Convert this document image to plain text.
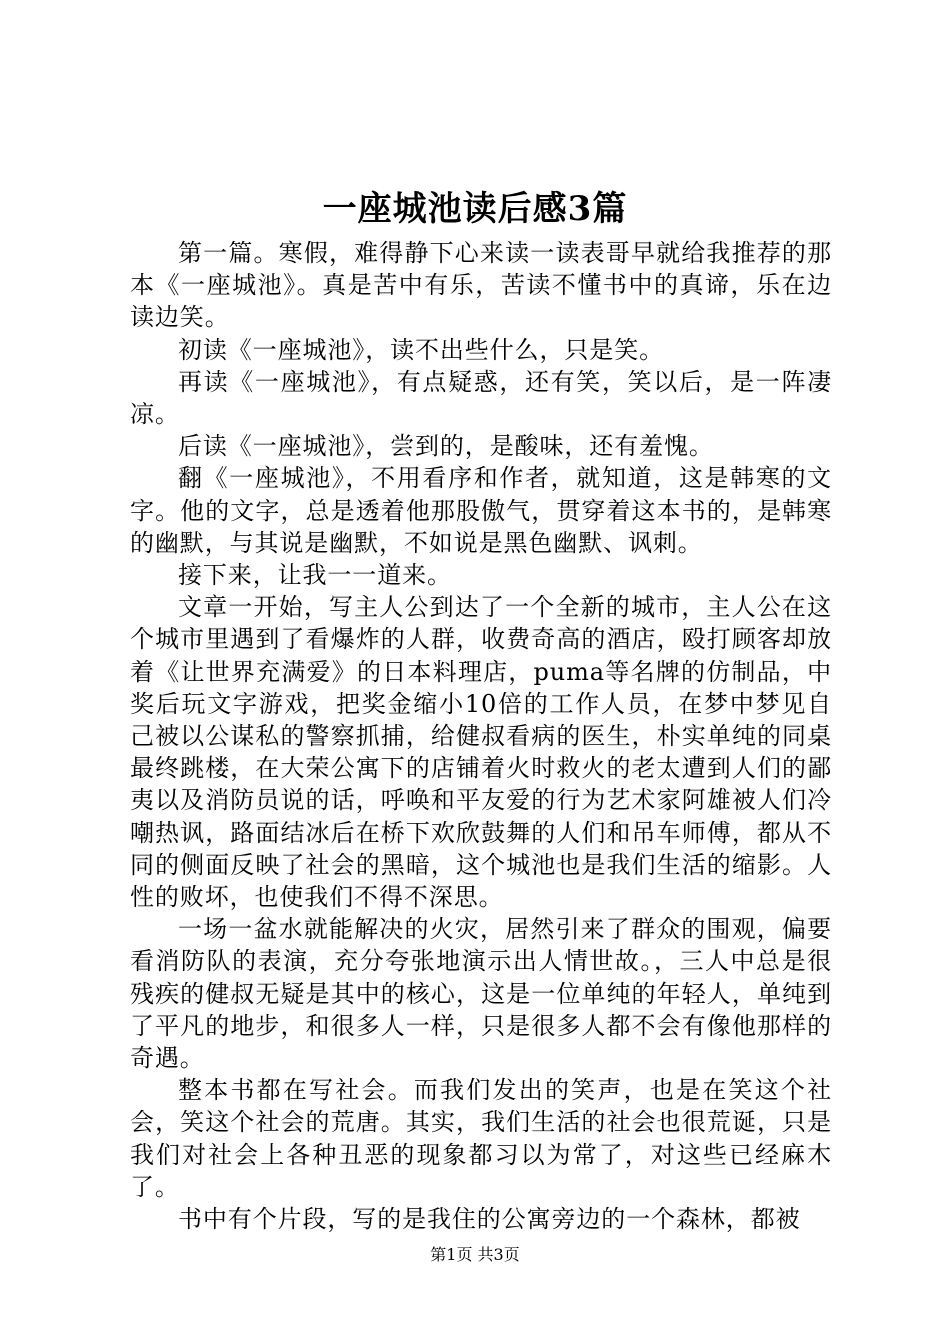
一座城池读后感3篇

第一篇。寒假，难得静下心来读一读表哥早就给我推荐的那本《一座城池》。真是苦中有乐，苦读不懂书中的真谛，乐在边读边笑。

初读《一座城池》，读不出些什么，只是笑。

再读《一座城池》，有点疑惑，还有笑，笑以后，是一阵凄凉。

后读《一座城池》，尝到的，是酸味，还有羞愧。

翻《一座城池》，不用看序和作者，就知道，这是韩寒的文字。他的文字，总是透着他那股傲气，贯穿着这本书的，是韩寒的幽默，与其说是幽默，不如说是黑色幽默、讽刺。

接下来，让我一一道来。

文章一开始，写主人公到达了一个全新的城市，主人公在这个城市里遇到了看爆炸的人群，收费奇高的酒店，殴打顾客却放着《让世界充满爱》的日本料理店，puma等名牌的仿制品，中奖后玩文字游戏，把奖金缩小10倍的工作人员，在梦中梦见自己被以公谋私的警察抓捕，给健叔看病的医生，朴实单纯的同桌最终跳楼，在大荣公寓下的店铺着火时救火的老太遭到人们的鄙夷以及消防员说的话，呼唤和平友爱的行为艺术家阿雄被人们冷嘲热讽，路面结冰后在桥下欢欣鼓舞的人们和吊车师傅，都从不同的侧面反映了社会的黑暗，这个城池也是我们生活的缩影。人性的败坏，也使我们不得不深思。

一场一盆水就能解决的火灾，居然引来了群众的围观，偏要看消防队的表演，充分夸张地演示出人情世故。，三人中总是很残疾的健叔无疑是其中的核心，这是一位单纯的年轻人，单纯到了平凡的地步，和很多人一样，只是很多人都不会有像他那样的奇遇。

整本书都在写社会。而我们发出的笑声，也是在笑这个社会，笑这个社会的荒唐。其实，我们生活的社会也很荒诞，只是我们对社会上各种丑恶的现象都习以为常了，对这些已经麻木了。

书中有个片段，写的是我住的公寓旁边的一个森林，都被

第1页 共3页
